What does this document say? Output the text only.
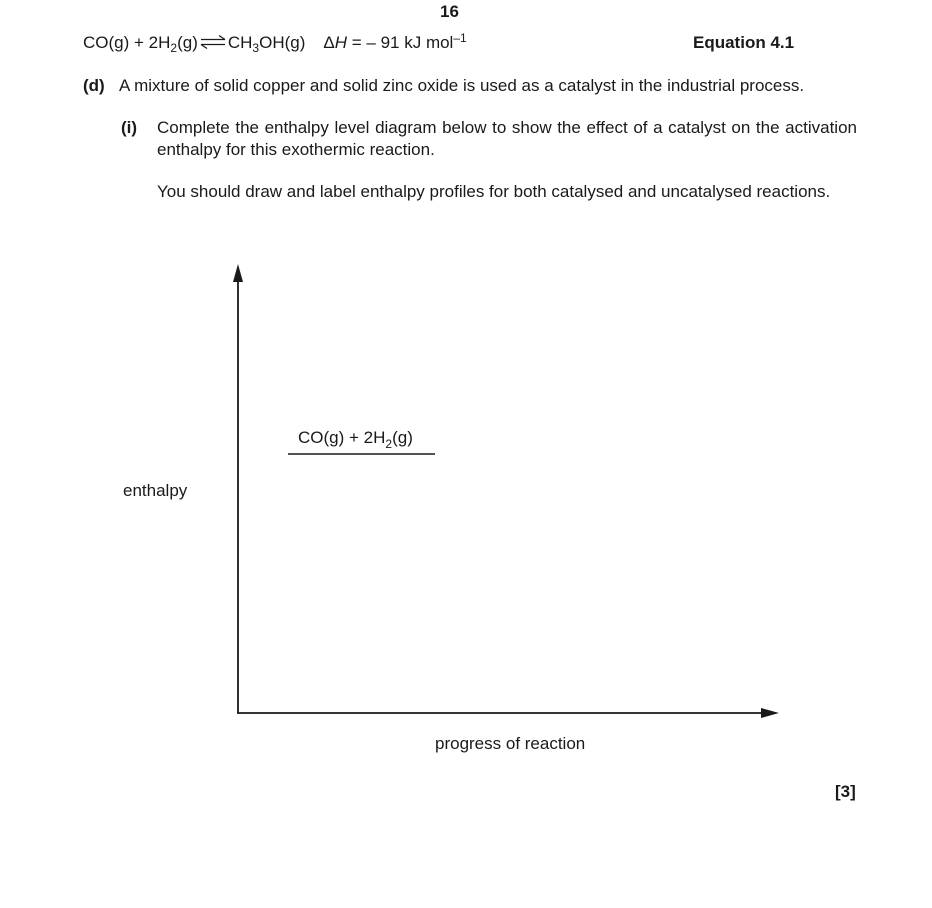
16
$CO(g) + 2H_2(g)$ ⇌ $CH_3OH(g) \Delta H$ = – 91 kJ mol$^{-1}$	Equation 4.1
(d) A mixture of solid copper and solid zinc oxide is used as a catalyst in the industrial process.
(i) Complete the enthalpy level diagram below to show the effect of a catalyst on the activation enthalpy for this exothermic reaction.
You should draw and label enthalpy profiles for both catalysed and uncatalysed reactions.
$CO(g) + 2H_2(g)$
enthalpy
progress of reaction
[3]
